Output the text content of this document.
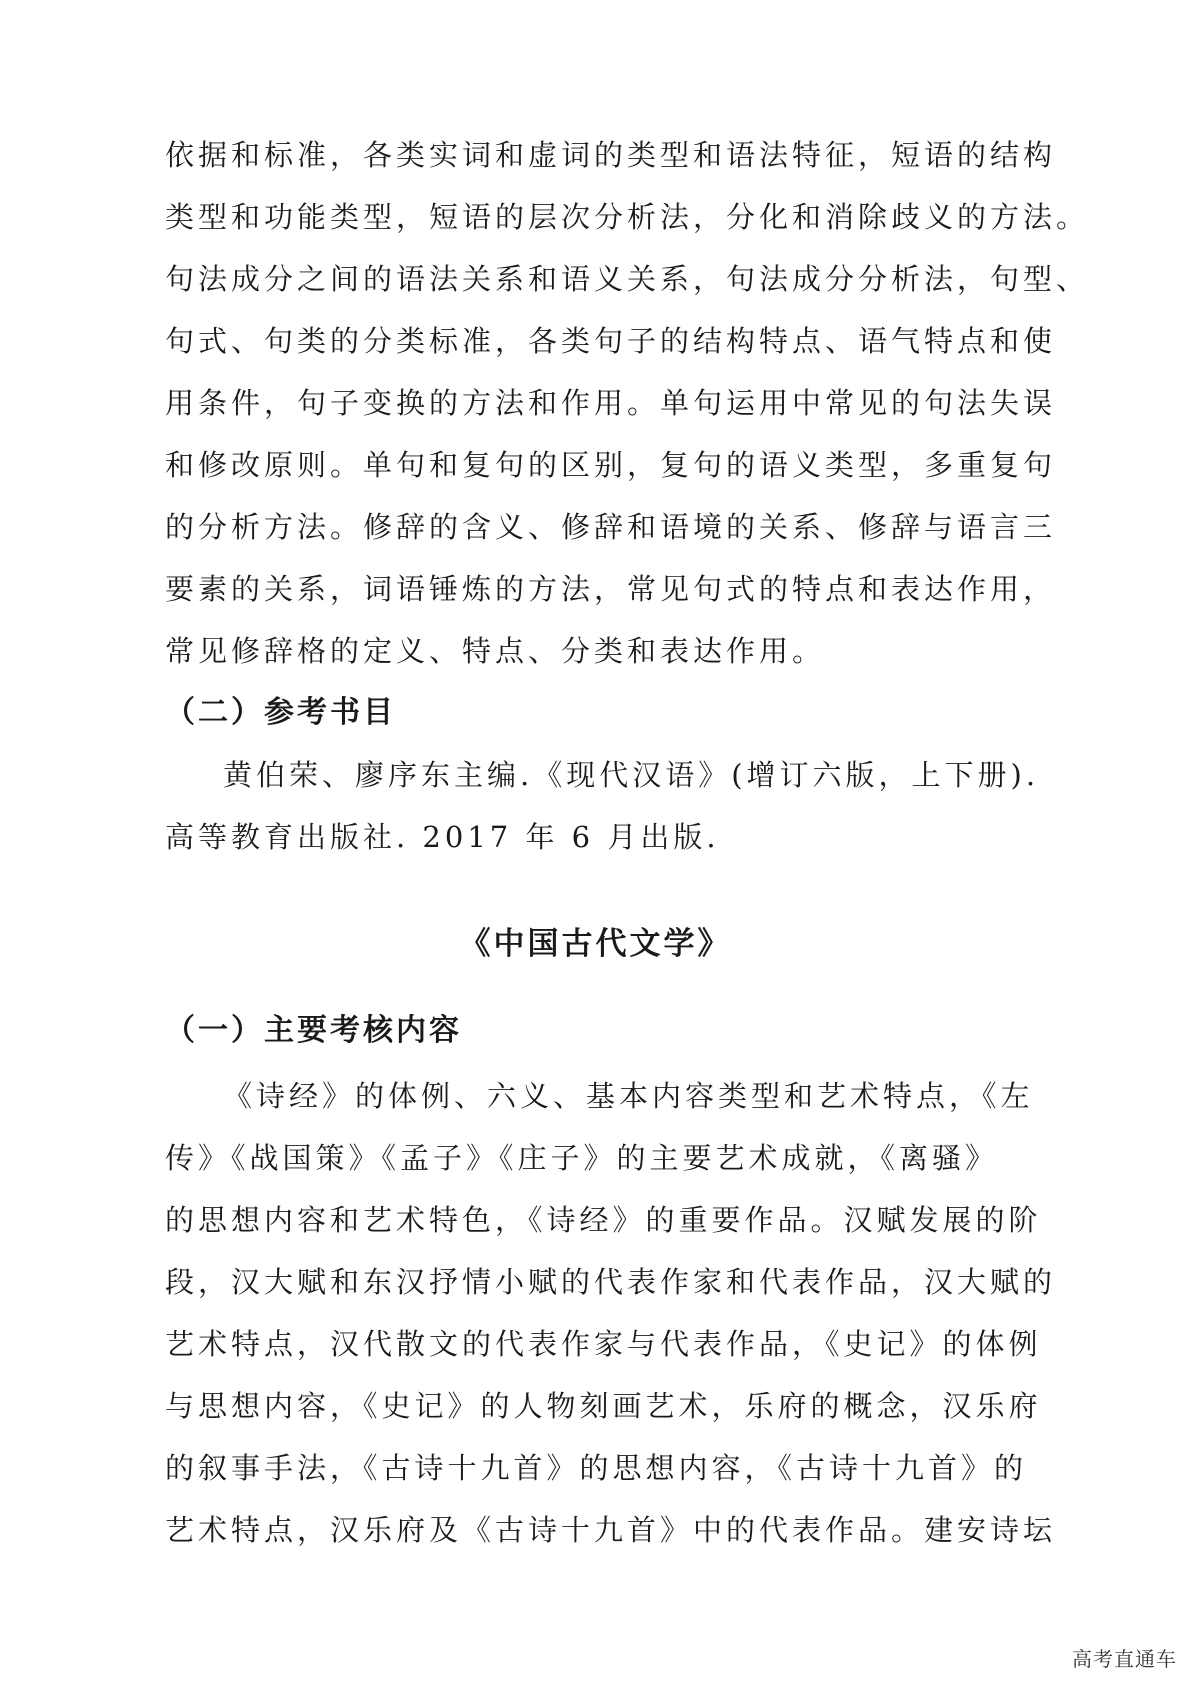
依据和标准，各类实词和虚词的类型和语法特征，短语的结构
类型和功能类型，短语的层次分析法，分化和消除歧义的方法。
句法成分之间的语法关系和语义关系，句法成分分析法，句型、
句式、句类的分类标准，各类句子的结构特点、语气特点和使
用条件，句子变换的方法和作用。单句运用中常见的句法失误
和修改原则。单句和复句的区别，复句的语义类型，多重复句
的分析方法。修辞的含义、修辞和语境的关系、修辞与语言三
要素的关系，词语锤炼的方法，常见句式的特点和表达作用，
常见修辞格的定义、特点、分类和表达作用。
（二）参考书目
黄伯荣、廖序东主编.《现代汉语》(增订六版，上下册).
高等教育出版社. 2017 年 6 月出版.
《中国古代文学》
（一）主要考核内容
《诗经》的体例、六义、基本内容类型和艺术特点，《左
传》《战国策》《孟子》《庄子》的主要艺术成就，《离骚》
的思想内容和艺术特色，《诗经》的重要作品。汉赋发展的阶
段，汉大赋和东汉抒情小赋的代表作家和代表作品，汉大赋的
艺术特点，汉代散文的代表作家与代表作品，《史记》的体例
与思想内容，《史记》的人物刻画艺术，乐府的概念，汉乐府
的叙事手法，《古诗十九首》的思想内容，《古诗十九首》的
艺术特点，汉乐府及《古诗十九首》中的代表作品。建安诗坛
高考直通车
